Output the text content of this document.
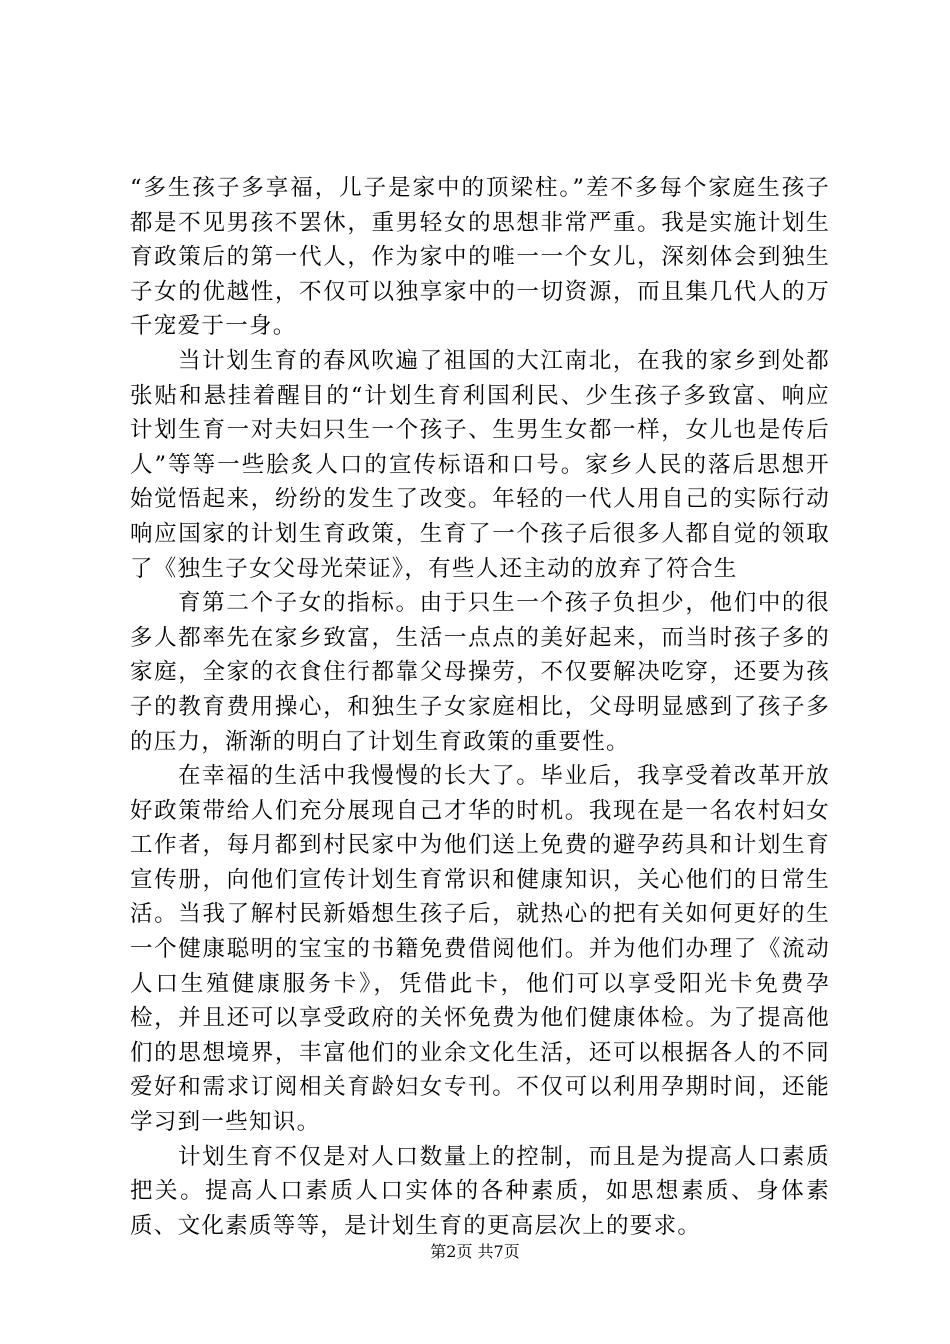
“多生孩子多享福，儿子是家中的顶梁柱。”差不多每个家庭生孩子都是不见男孩不罢休，重男轻女的思想非常严重。我是实施计划生育政策后的第一代人，作为家中的唯一一个女儿，深刻体会到独生子女的优越性，不仅可以独享家中的一切资源，而且集几代人的万千宠爱于一身。

当计划生育的春风吹遍了祖国的大江南北，在我的家乡到处都张贴和悬挂着醒目的“计划生育利国利民、少生孩子多致富、响应计划生育一对夫妇只生一个孩子、生男生女都一样，女儿也是传后人”等等一些脍炙人口的宣传标语和口号。家乡人民的落后思想开始觉悟起来，纷纷的发生了改变。年轻的一代人用自己的实际行动响应国家的计划生育政策，生育了一个孩子后很多人都自觉的领取了《独生子女父母光荣证》，有些人还主动的放弃了符合生

育第二个子女的指标。由于只生一个孩子负担少，他们中的很多人都率先在家乡致富，生活一点点的美好起来，而当时孩子多的家庭，全家的衣食住行都靠父母操劳，不仅要解决吃穿，还要为孩子的教育费用操心，和独生子女家庭相比，父母明显感到了孩子多的压力，渐渐的明白了计划生育政策的重要性。

在幸福的生活中我慢慢的长大了。毕业后，我享受着改革开放好政策带给人们充分展现自己才华的时机。我现在是一名农村妇女工作者，每月都到村民家中为他们送上免费的避孕药具和计划生育宣传册，向他们宣传计划生育常识和健康知识，关心他们的日常生活。当我了解村民新婚想生孩子后，就热心的把有关如何更好的生一个健康聪明的宝宝的书籍免费借阅他们。并为他们办理了《流动人口生殖健康服务卡》，凭借此卡，他们可以享受阳光卡免费孕检，并且还可以享受政府的关怀免费为他们健康体检。为了提高他们的思想境界，丰富他们的业余文化生活，还可以根据各人的不同爱好和需求订阅相关育龄妇女专刊。不仅可以利用孕期时间，还能学习到一些知识。

计划生育不仅是对人口数量上的控制，而且是为提高人口素质把关。提高人口素质人口实体的各种素质，如思想素质、身体素质、文化素质等等，是计划生育的更高层次上的要求。

第2页 共7页
